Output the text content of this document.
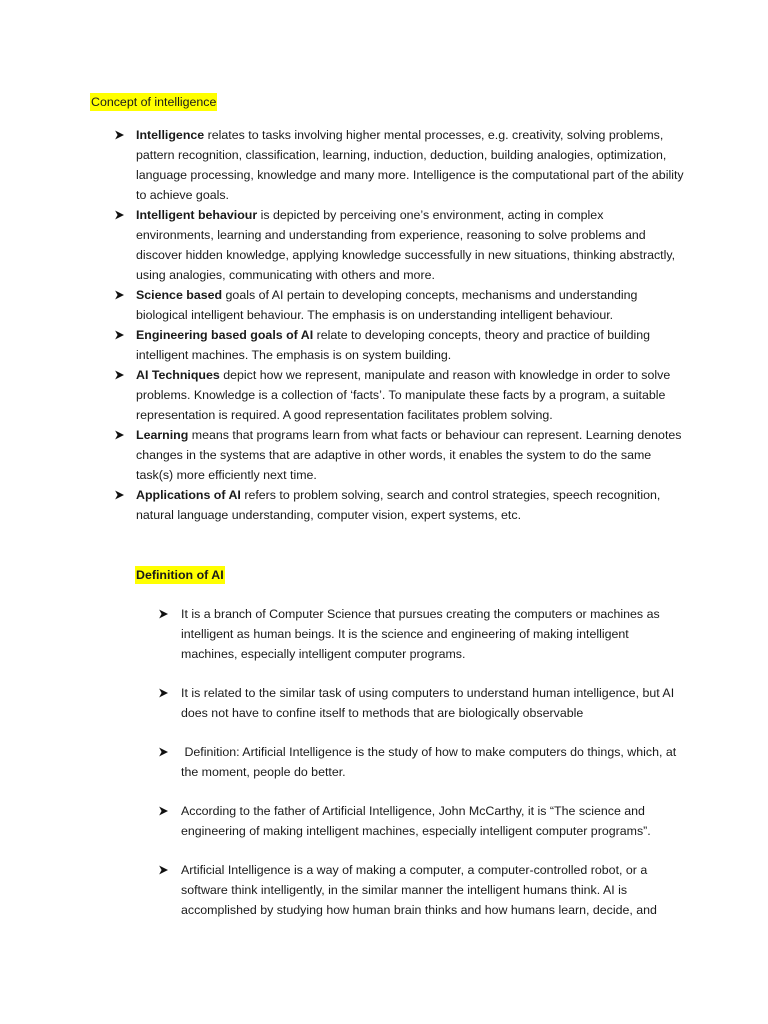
Concept of intelligence
Intelligence relates to tasks involving higher mental processes, e.g. creativity, solving problems, pattern recognition, classification, learning, induction, deduction, building analogies, optimization, language processing, knowledge and many more. Intelligence is the computational part of the ability to achieve goals.
Intelligent behaviour is depicted by perceiving one’s environment, acting in complex environments, learning and understanding from experience, reasoning to solve problems and discover hidden knowledge, applying knowledge successfully in new situations, thinking abstractly, using analogies, communicating with others and more.
Science based goals of AI pertain to developing concepts, mechanisms and understanding biological intelligent behaviour. The emphasis is on understanding intelligent behaviour.
Engineering based goals of AI relate to developing concepts, theory and practice of building intelligent machines. The emphasis is on system building.
AI Techniques depict how we represent, manipulate and reason with knowledge in order to solve problems. Knowledge is a collection of ‘facts’. To manipulate these facts by a program, a suitable representation is required. A good representation facilitates problem solving.
Learning means that programs learn from what facts or behaviour can represent. Learning denotes changes in the systems that are adaptive in other words, it enables the system to do the same task(s) more efficiently next time.
Applications of AI refers to problem solving, search and control strategies, speech recognition, natural language understanding, computer vision, expert systems, etc.
Definition of AI
It is a branch of Computer Science that pursues creating the computers or machines as intelligent as human beings. It is the science and engineering of making intelligent machines, especially intelligent computer programs.
It is related to the similar task of using computers to understand human intelligence, but AI does not have to confine itself to methods that are biologically observable
Definition: Artificial Intelligence is the study of how to make computers do things, which, at the moment, people do better.
According to the father of Artificial Intelligence, John McCarthy, it is “The science and engineering of making intelligent machines, especially intelligent computer programs”.
Artificial Intelligence is a way of making a computer, a computer-controlled robot, or a software think intelligently, in the similar manner the intelligent humans think. AI is accomplished by studying how human brain thinks and how humans learn, decide, and
